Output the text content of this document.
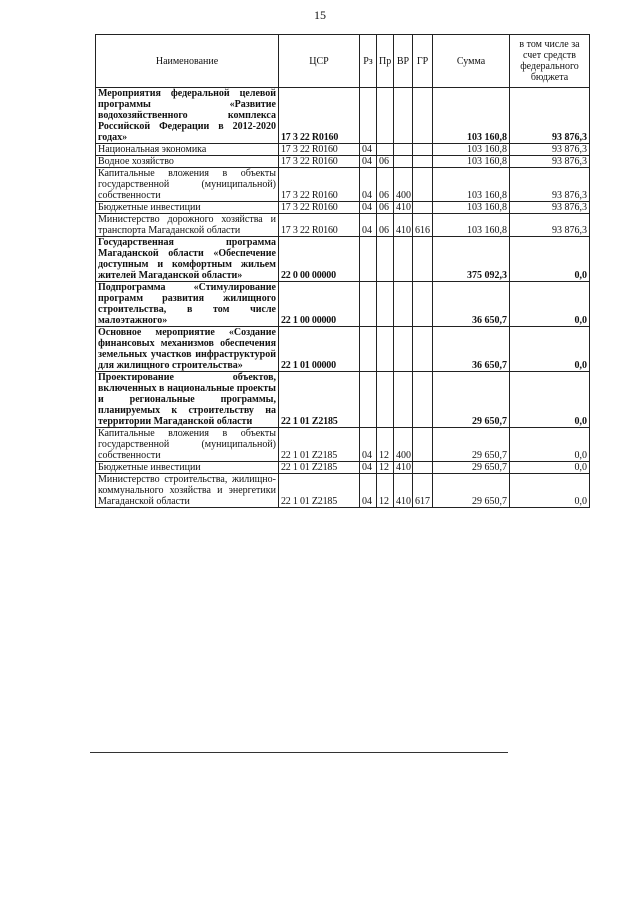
15
Наименование	ЦСР	Рз	Пр	ВР	ГР	Сумма	в том числе за счет средств федерального бюджета
Мероприятия федеральной целевой программы «Развитие водохозяйственного комплекса Российской Федерации в 2012-2020 годах»	17 3 22 R0160					103 160,8	93 876,3
Национальная экономика	17 3 22 R0160	04				103 160,8	93 876,3
Водное хозяйство	17 3 22 R0160	04	06			103 160,8	93 876,3
Капитальные вложения в объекты государственной (муниципальной) собственности	17 3 22 R0160	04	06	400		103 160,8	93 876,3
Бюджетные инвестиции	17 3 22 R0160	04	06	410		103 160,8	93 876,3
Министерство дорожного хозяйства и транспорта Магаданской области	17 3 22 R0160	04	06	410	616	103 160,8	93 876,3
Государственная программа Магаданской области «Обеспечение доступным и комфортным жильем жителей Магаданской области»	22 0 00 00000					375 092,3	0,0
Подпрограмма «Стимулирование программ развития жилищного строительства, в том числе малоэтажного»	22 1 00 00000					36 650,7	0,0
Основное мероприятие «Создание финансовых механизмов обеспечения земельных участков инфраструктурой для жилищного строительства»	22 1 01 00000					36 650,7	0,0
Проектирование объектов, включенных в национальные проекты и региональные программы, планируемых к строительству на территории Магаданской области	22 1 01 Z2185					29 650,7	0,0
Капитальные вложения в объекты государственной (муниципальной) собственности	22 1 01 Z2185	04	12	400		29 650,7	0,0
Бюджетные инвестиции	22 1 01 Z2185	04	12	410		29 650,7	0,0
Министерство строительства, жилищно-коммунального хозяйства и энергетики Магаданской области	22 1 01 Z2185	04	12	410	617	29 650,7	0,0
